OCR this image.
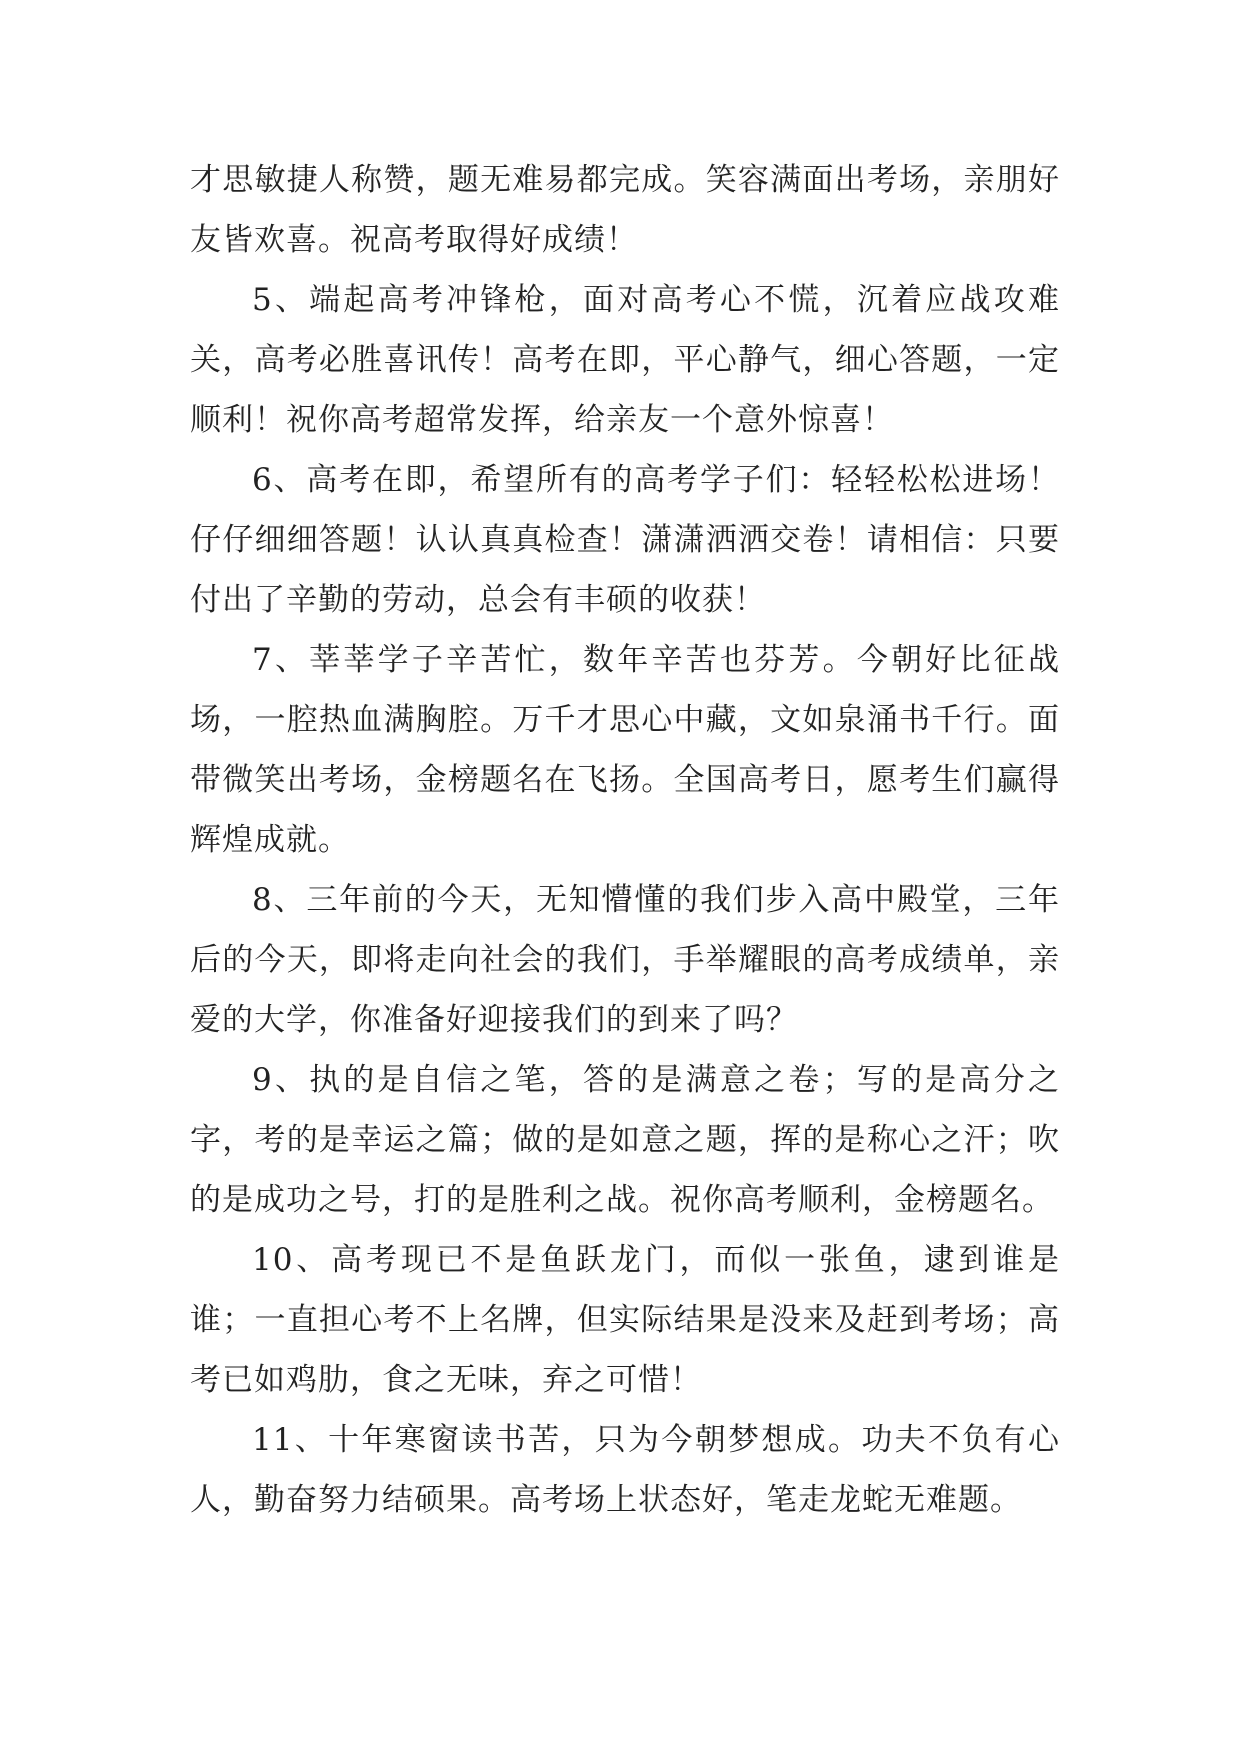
才思敏捷人称赞，题无难易都完成。笑容满面出考场，亲朋好友皆欢喜。祝高考取得好成绩！

5、端起高考冲锋枪，面对高考心不慌，沉着应战攻难关，高考必胜喜讯传！高考在即，平心静气，细心答题，一定顺利！祝你高考超常发挥，给亲友一个意外惊喜！

6、高考在即，希望所有的高考学子们：轻轻松松进场！仔仔细细答题！认认真真检查！潇潇洒洒交卷！请相信：只要付出了辛勤的劳动，总会有丰硕的收获！

7、莘莘学子辛苦忙，数年辛苦也芬芳。今朝好比征战场，一腔热血满胸腔。万千才思心中藏，文如泉涌书千行。面带微笑出考场，金榜题名在飞扬。全国高考日，愿考生们赢得辉煌成就。

8、三年前的今天，无知懵懂的我们步入高中殿堂，三年后的今天，即将走向社会的我们，手举耀眼的高考成绩单，亲爱的大学，你准备好迎接我们的到来了吗？

9、执的是自信之笔，答的是满意之卷；写的是高分之字，考的是幸运之篇；做的是如意之题，挥的是称心之汗；吹的是成功之号，打的是胜利之战。祝你高考顺利，金榜题名。

10、高考现已不是鱼跃龙门，而似一张鱼，逮到谁是谁；一直担心考不上名牌，但实际结果是没来及赶到考场；高考已如鸡肋，食之无味，弃之可惜！

11、十年寒窗读书苦，只为今朝梦想成。功夫不负有心人，勤奋努力结硕果。高考场上状态好，笔走龙蛇无难题。
